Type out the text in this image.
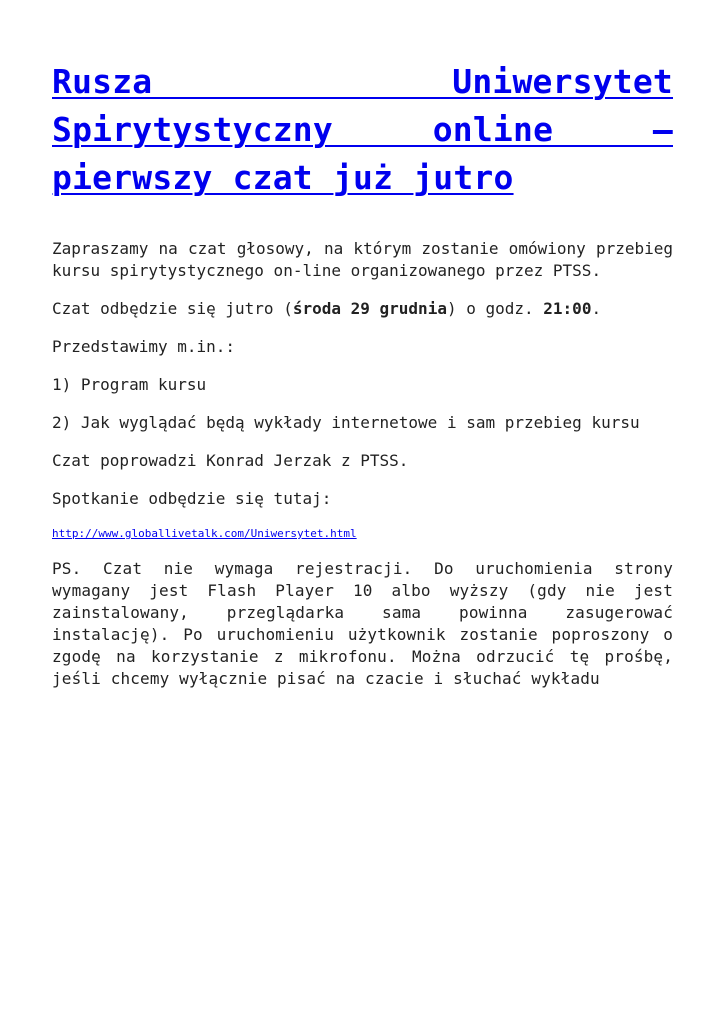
Rusza Uniwersytet Spirytystyczny online – pierwszy czat już jutro

Zapraszamy na czat głosowy, na którym zostanie omówiony przebieg kursu spirytystycznego on-line organizowanego przez PTSS.

Czat odbędzie się jutro (środa 29 grudnia) o godz. 21:00.

Przedstawimy m.in.:

1) Program kursu

2) Jak wyglądać będą wykłady internetowe i sam przebieg kursu

Czat poprowadzi Konrad Jerzak z PTSS.

Spotkanie odbędzie się tutaj:

http://www.globallivetalk.com/Uniwersytet.html

PS. Czat nie wymaga rejestracji. Do uruchomienia strony wymagany jest Flash Player 10 albo wyższy (gdy nie jest zainstalowany, przeglądarka sama powinna zasugerować instalację). Po uruchomieniu użytkownik zostanie poproszony o zgodę na korzystanie z mikrofonu. Można odrzucić tę prośbę, jeśli chcemy wyłącznie pisać na czacie i słuchać wykładu
